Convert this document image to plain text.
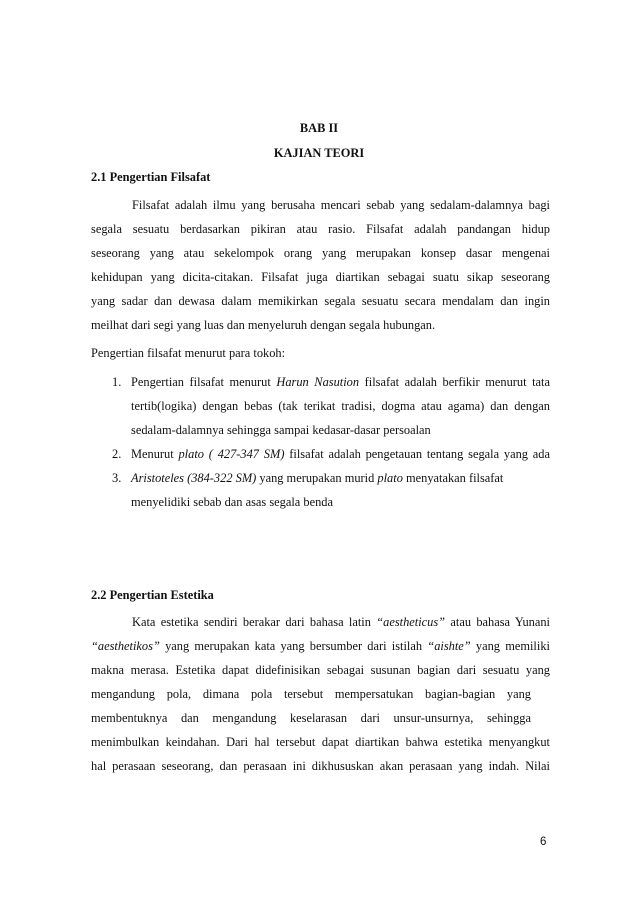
BAB II
KAJIAN TEORI
2.1 Pengertian Filsafat
Filsafat adalah ilmu yang berusaha mencari sebab yang sedalam-dalamnya bagi
segala sesuatu berdasarkan pikiran atau rasio. Filsafat adalah pandangan hidup
seseorang yang atau sekelompok orang yang merupakan konsep dasar mengenai
kehidupan yang dicita-citakan. Filsafat juga diartikan sebagai suatu sikap seseorang
yang sadar dan dewasa dalam memikirkan segala sesuatu secara mendalam dan ingin
meilhat dari segi yang luas dan menyeluruh dengan segala hubungan.
Pengertian filsafat menurut para tokoh:
1. Pengertian filsafat menurut Harun Nasution filsafat adalah berfikir menurut tata
tertib(logika) dengan bebas (tak terikat tradisi, dogma atau agama) dan dengan
sedalam-dalamnya sehingga sampai kedasar-dasar persoalan
2. Menurut plato ( 427-347 SM) filsafat adalah pengetauan tentang segala yang ada
3. Aristoteles (384-322 SM) yang merupakan murid plato menyatakan filsafat
menyelidiki sebab dan asas segala benda
2.2 Pengertian Estetika
Kata estetika sendiri berakar dari bahasa latin “aestheticus” atau bahasa Yunani
“aesthetikos” yang merupakan kata yang bersumber dari istilah “aishte” yang memiliki
makna merasa. Estetika dapat didefinisikan sebagai susunan bagian dari sesuatu yang
mengandung pola, dimana pola tersebut mempersatukan bagian-bagian yang
membentuknya dan mengandung keselarasan dari unsur-unsurnya, sehingga
menimbulkan keindahan. Dari hal tersebut dapat diartikan bahwa estetika menyangkut
hal perasaan seseorang, dan perasaan ini dikhususkan akan perasaan yang indah. Nilai
6
